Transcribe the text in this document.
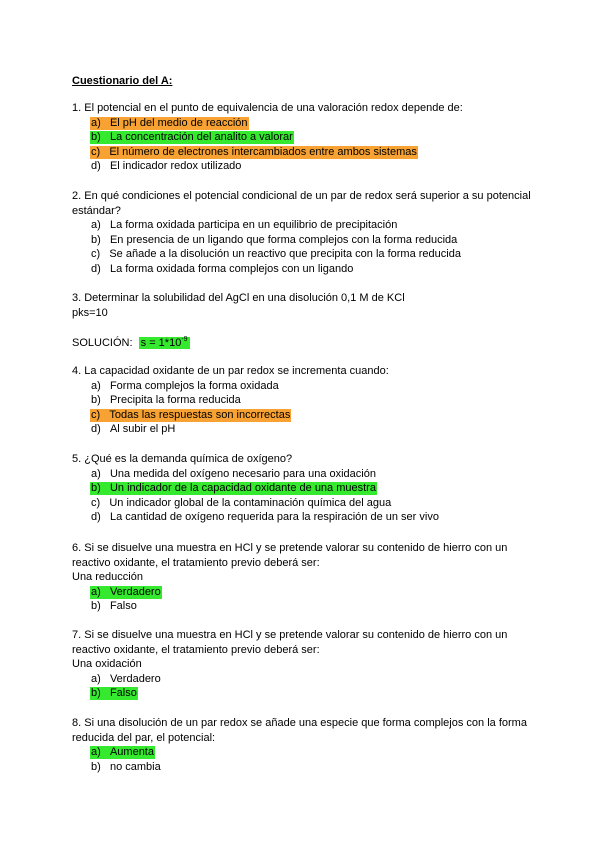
Cuestionario del A:

1. El potencial en el punto de equivalencia de una valoración redox depende de:

a) El pH del medio de reacción
b) La concentración del analito a valorar
c) El número de electrones intercambiados entre ambos sistemas
d) El indicador redox utilizado

2. En qué condiciones el potencial condicional de un par de redox será superior a su potencial estándar?

a) La forma oxidada participa en un equilibrio de precipitación
b) En presencia de un ligando que forma complejos con la forma reducida
c) Se añade a la disolución un reactivo que precipita con la forma reducida
d) La forma oxidada forma complejos con un ligando

3. Determinar la solubilidad del AgCl en una disolución 0,1 M de KCl

pks=10

SOLUCIÓN: $s = 1*10^{-9}$

4. La capacidad oxidante de un par redox se incrementa cuando:

a) Forma complejos la forma oxidada
b) Precipita la forma reducida
c) Todas las respuestas son incorrectas
d) Al subir el pH

5. ¿Qué es la demanda química de oxígeno?

a) Una medida del oxígeno necesario para una oxidación
b) Un indicador de la capacidad oxidante de una muestra
c) Un indicador global de la contaminación química del agua
d) La cantidad de oxígeno requerida para la respiración de un ser vivo

6. Si se disuelve una muestra en HCl y se pretende valorar su contenido de hierro con un reactivo oxidante, el tratamiento previo deberá ser:

Una reducción

a) Verdadero
b) Falso

7. Si se disuelve una muestra en HCl y se pretende valorar su contenido de hierro con un reactivo oxidante, el tratamiento previo deberá ser:

Una oxidación

a) Verdadero
b) Falso

8. Si una disolución de un par redox se añade una especie que forma complejos con la forma reducida del par, el potencial:

a) Aumenta
b) no cambia
